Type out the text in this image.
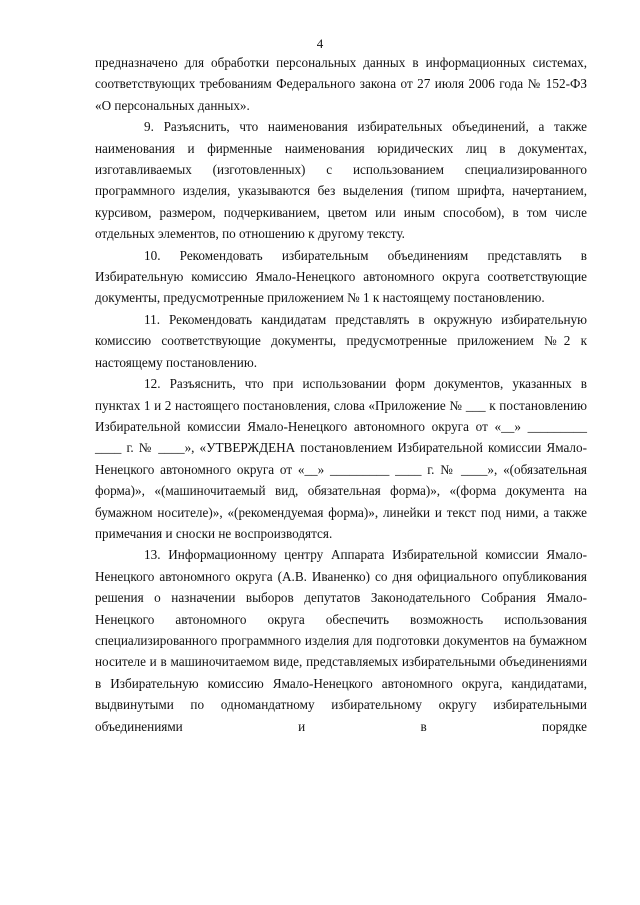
4

предназначено для обработки персональных данных в информационных системах, соответствующих требованиям Федерального закона от 27 июля 2006 года № 152-ФЗ «О персональных данных».

9. Разъяснить, что наименования избирательных объединений, а также наименования и фирменные наименования юридических лиц в документах, изготавливаемых (изготовленных) с использованием специализированного программного изделия, указываются без выделения (типом шрифта, начертанием, курсивом, размером, подчеркиванием, цветом или иным способом), в том числе отдельных элементов, по отношению к другому тексту.

10. Рекомендовать избирательным объединениям представлять в Избирательную комиссию Ямало-Ненецкого автономного округа соответствующие документы, предусмотренные приложением № 1 к настоящему постановлению.

11. Рекомендовать кандидатам представлять в окружную избирательную комиссию соответствующие документы, предусмотренные приложением №2 к настоящему постановлению.

12. Разъяснить, что при использовании форм документов, указанных в пунктах 1 и 2 настоящего постановления, слова «Приложение № ___ к постановлению Избирательной комиссии Ямало-Ненецкого автономного округа от «__» _________ ____ г. № ____», «УТВЕРЖДЕНА постановлением Избирательной комиссии Ямало-Ненецкого автономного округа от «__» _________ ____ г. № ____», «(обязательная форма)», «(машиночитаемый вид, обязательная форма)», «(форма документа на бумажном носителе)», «(рекомендуемая форма)», линейки и текст под ними, а также примечания и сноски не воспроизводятся.

13. Информационному центру Аппарата Избирательной комиссии Ямало-Ненецкого автономного округа (А.В. Иваненко) со дня официального опубликования решения о назначении выборов депутатов Законодательного Собрания Ямало-Ненецкого автономного округа обеспечить возможность использования специализированного программного изделия для подготовки документов на бумажном носителе и в машиночитаемом виде, представляемых избирательными объединениями в Избирательную комиссию Ямало-Ненецкого автономного округа, кандидатами, выдвинутыми по одномандатному избирательному округу избирательными объединениями и в порядке
